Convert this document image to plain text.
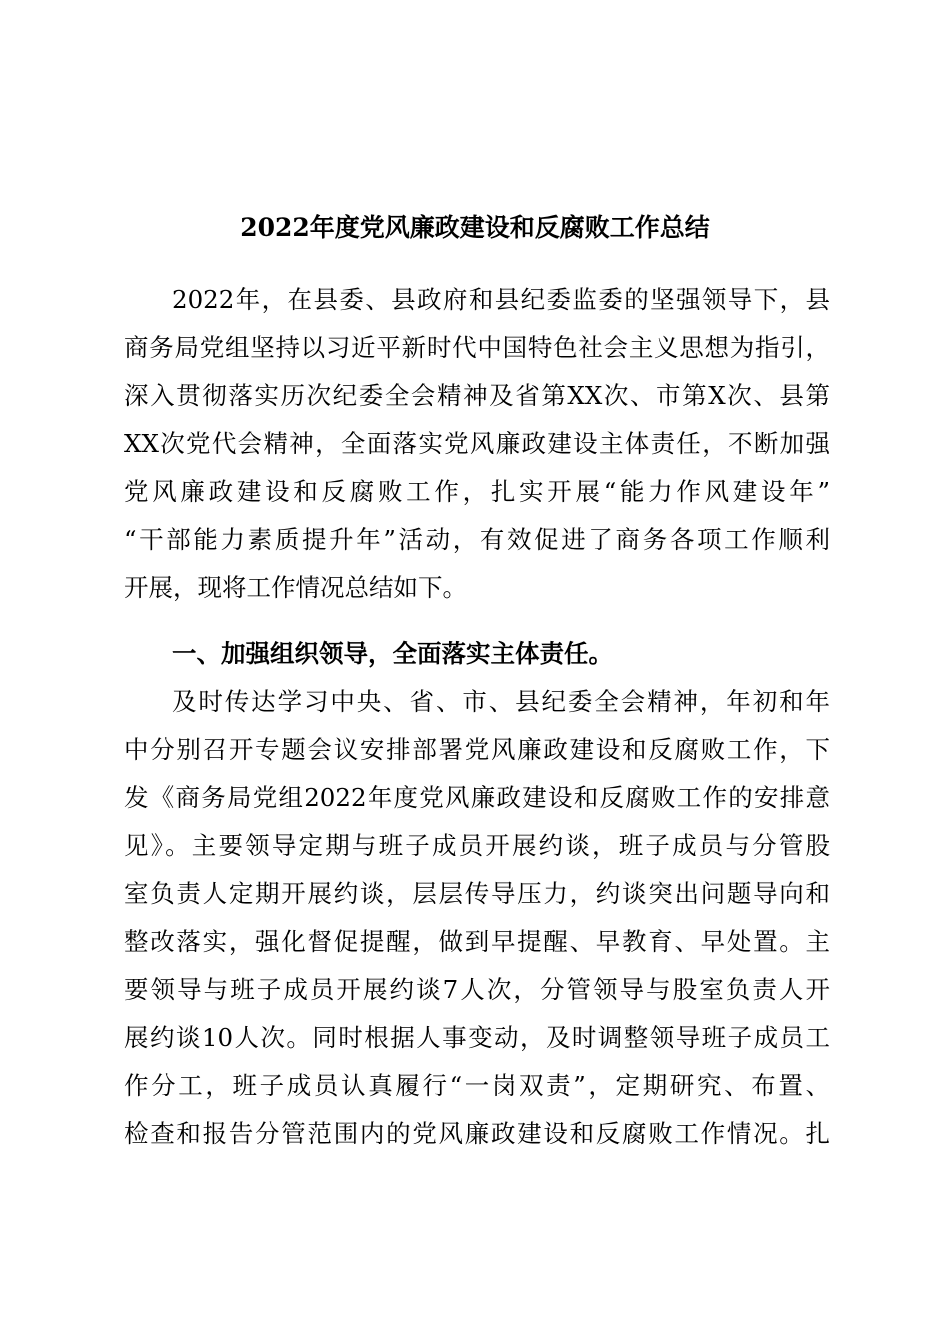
2022年度党风廉政建设和反腐败工作总结
2022年，在县委、县政府和县纪委监委的坚强领导下，县
商务局党组坚持以习近平新时代中国特色社会主义思想为指引，
深入贯彻落实历次纪委全会精神及省第XX次、市第X次、县第
XX次党代会精神，全面落实党风廉政建设主体责任，不断加强
党风廉政建设和反腐败工作，扎实开展“能力作风建设年”
“干部能力素质提升年”活动，有效促进了商务各项工作顺利
开展，现将工作情况总结如下。
一、加强组织领导，全面落实主体责任。
及时传达学习中央、省、市、县纪委全会精神，年初和年
中分别召开专题会议安排部署党风廉政建设和反腐败工作，下
发《商务局党组2022年度党风廉政建设和反腐败工作的安排意
见》。主要领导定期与班子成员开展约谈，班子成员与分管股
室负责人定期开展约谈，层层传导压力，约谈突出问题导向和
整改落实，强化督促提醒，做到早提醒、早教育、早处置。主
要领导与班子成员开展约谈7人次，分管领导与股室负责人开
展约谈10人次。同时根据人事变动，及时调整领导班子成员工
作分工，班子成员认真履行“一岗双责”，定期研究、布置、
检查和报告分管范围内的党风廉政建设和反腐败工作情况。扎
